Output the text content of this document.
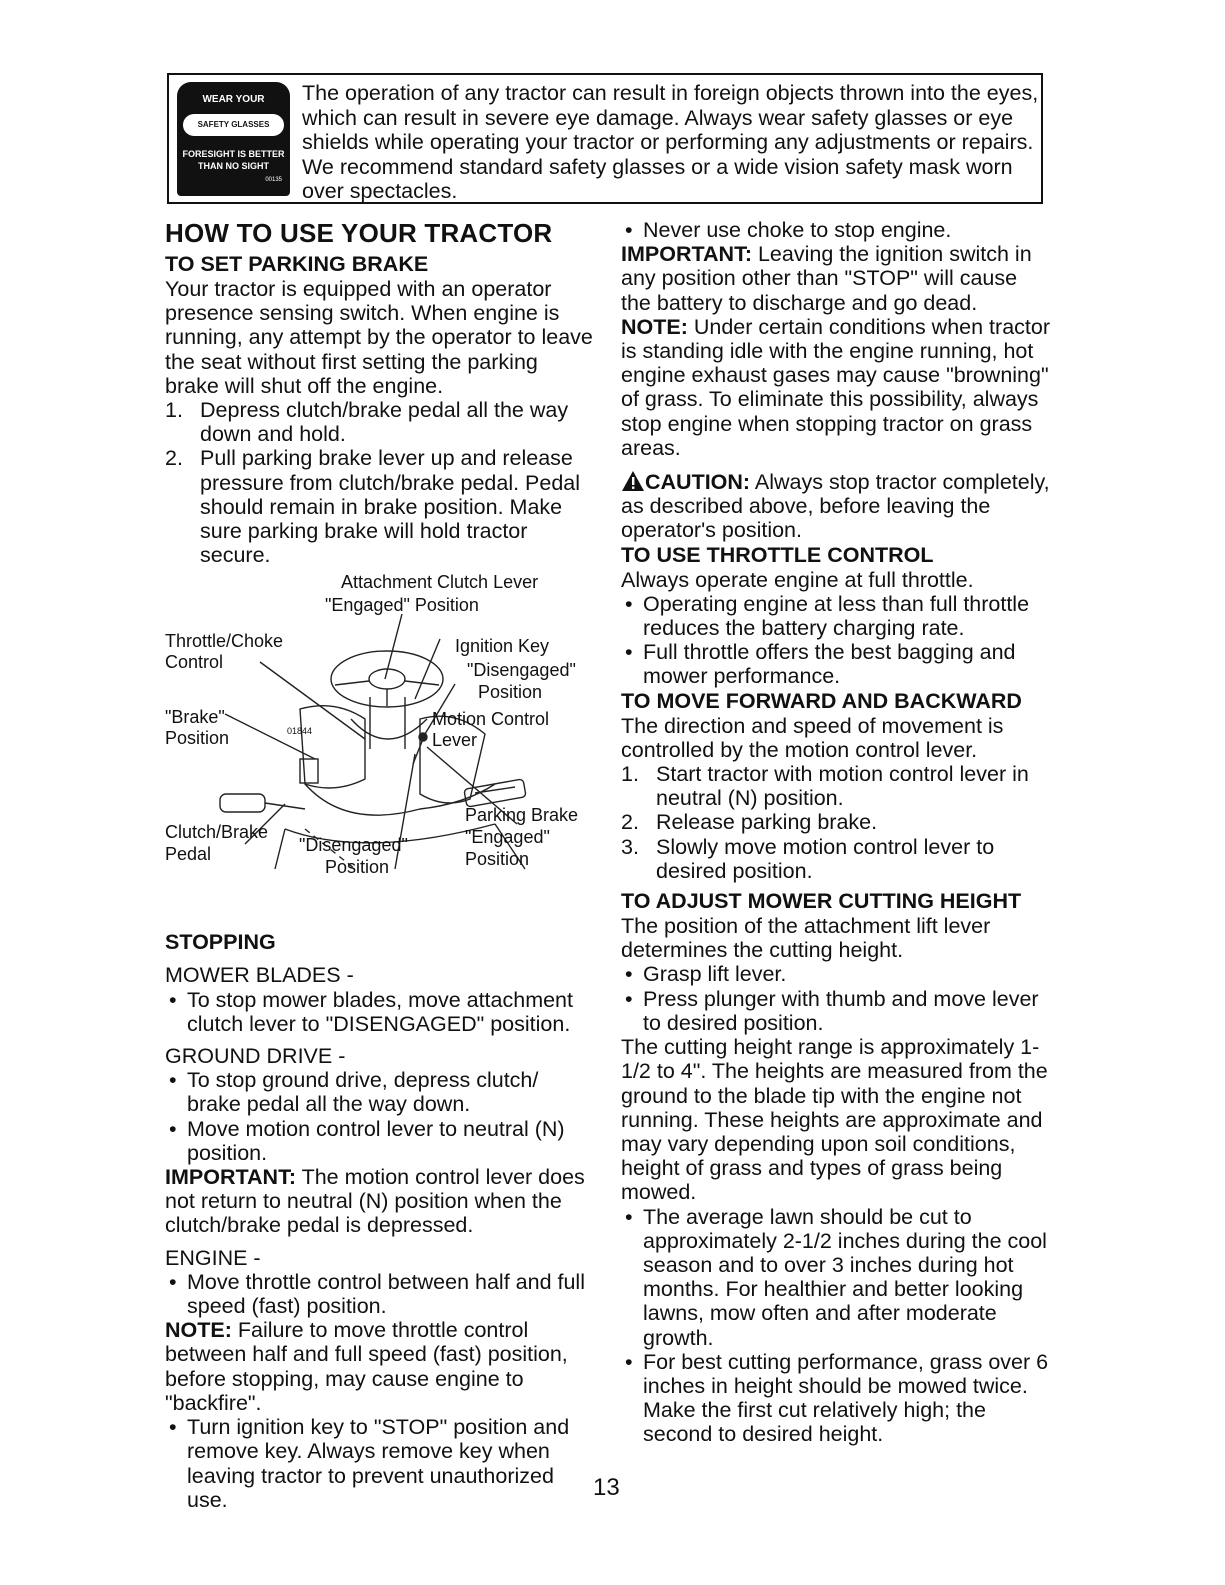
WEAR YOUR
SAFETY GLASSES
FORESIGHT IS BETTER
THAN NO SIGHT
00135
The operation of any tractor can result in foreign objects thrown into the eyes, which can result in severe eye damage. Always wear safety glasses or eye shields while operating your tractor or performing any adjustments or repairs. We recommend standard safety glasses or a wide vision safety mask worn over spectacles.
HOW TO USE YOUR TRACTOR
TO SET PARKING BRAKE

Your tractor is equipped with an operator presence sensing switch. When engine is running, any attempt by the operator to leave the seat without first setting the parking brake will shut off the engine.

1. Depress clutch/brake pedal all the way down and hold.
2. Pull parking brake lever up and release pressure from clutch/brake pedal. Pedal should remain in brake position. Make sure parking brake will hold tractor secure.
Attachment Clutch Lever
"Engaged" Position
Throttle/Choke
Control
Ignition Key
"Disengaged"
Position
"Brake"
Position
Motion Control
Lever
Parking Brake
"Engaged"
Position
Clutch/Brake
Pedal	"Disengaged"
Position
01844
STOPPING

MOWER BLADES -

• To stop mower blades, move attachment clutch lever to "DISENGAGED" position.

GROUND DRIVE -

• To stop ground drive, depress clutch/ brake pedal all the way down.
• Move motion control lever to neutral (N) position.

IMPORTANT: The motion control lever does not return to neutral (N) position when the clutch/brake pedal is depressed.

ENGINE -

• Move throttle control between half and full speed (fast) position.

NOTE: Failure to move throttle control between half and full speed (fast) position, before stopping, may cause engine to "backfire".

• Turn ignition key to "STOP" position and remove key. Always remove key when leaving tractor to prevent unauthorized use.
• Never use choke to stop engine.

IMPORTANT: Leaving the ignition switch in any position other than "STOP" will cause the battery to discharge and go dead.

NOTE: Under certain conditions when tractor is standing idle with the engine running, hot engine exhaust gases may cause "browning" of grass. To eliminate this possibility, always stop engine when stopping tractor on grass areas.

CAUTION: Always stop tractor completely, as described above, before leaving the operator's position.

TO USE THROTTLE CONTROL

Always operate engine at full throttle.

• Operating engine at less than full throttle reduces the battery charging rate.
• Full throttle offers the best bagging and mower performance.
TO MOVE FORWARD AND BACKWARD

The direction and speed of movement is controlled by the motion control lever.

1. Start tractor with motion control lever in neutral (N) position.
2. Release parking brake.
3. Slowly move motion control lever to desired position.
TO ADJUST MOWER CUTTING HEIGHT

The position of the attachment lift lever determines the cutting height.

• Grasp lift lever.
• Press plunger with thumb and move lever to desired position.

The cutting height range is approximately 1-1/2 to 4". The heights are measured from the ground to the blade tip with the engine not running. These heights are approximate and may vary depending upon soil conditions, height of grass and types of grass being mowed.

• The average lawn should be cut to approximately 2-1/2 inches during the cool season and to over 3 inches during hot months. For healthier and better looking lawns, mow often and after moderate growth.
• For best cutting performance, grass over 6 inches in height should be mowed twice. Make the first cut relatively high; the second to desired height.
13
